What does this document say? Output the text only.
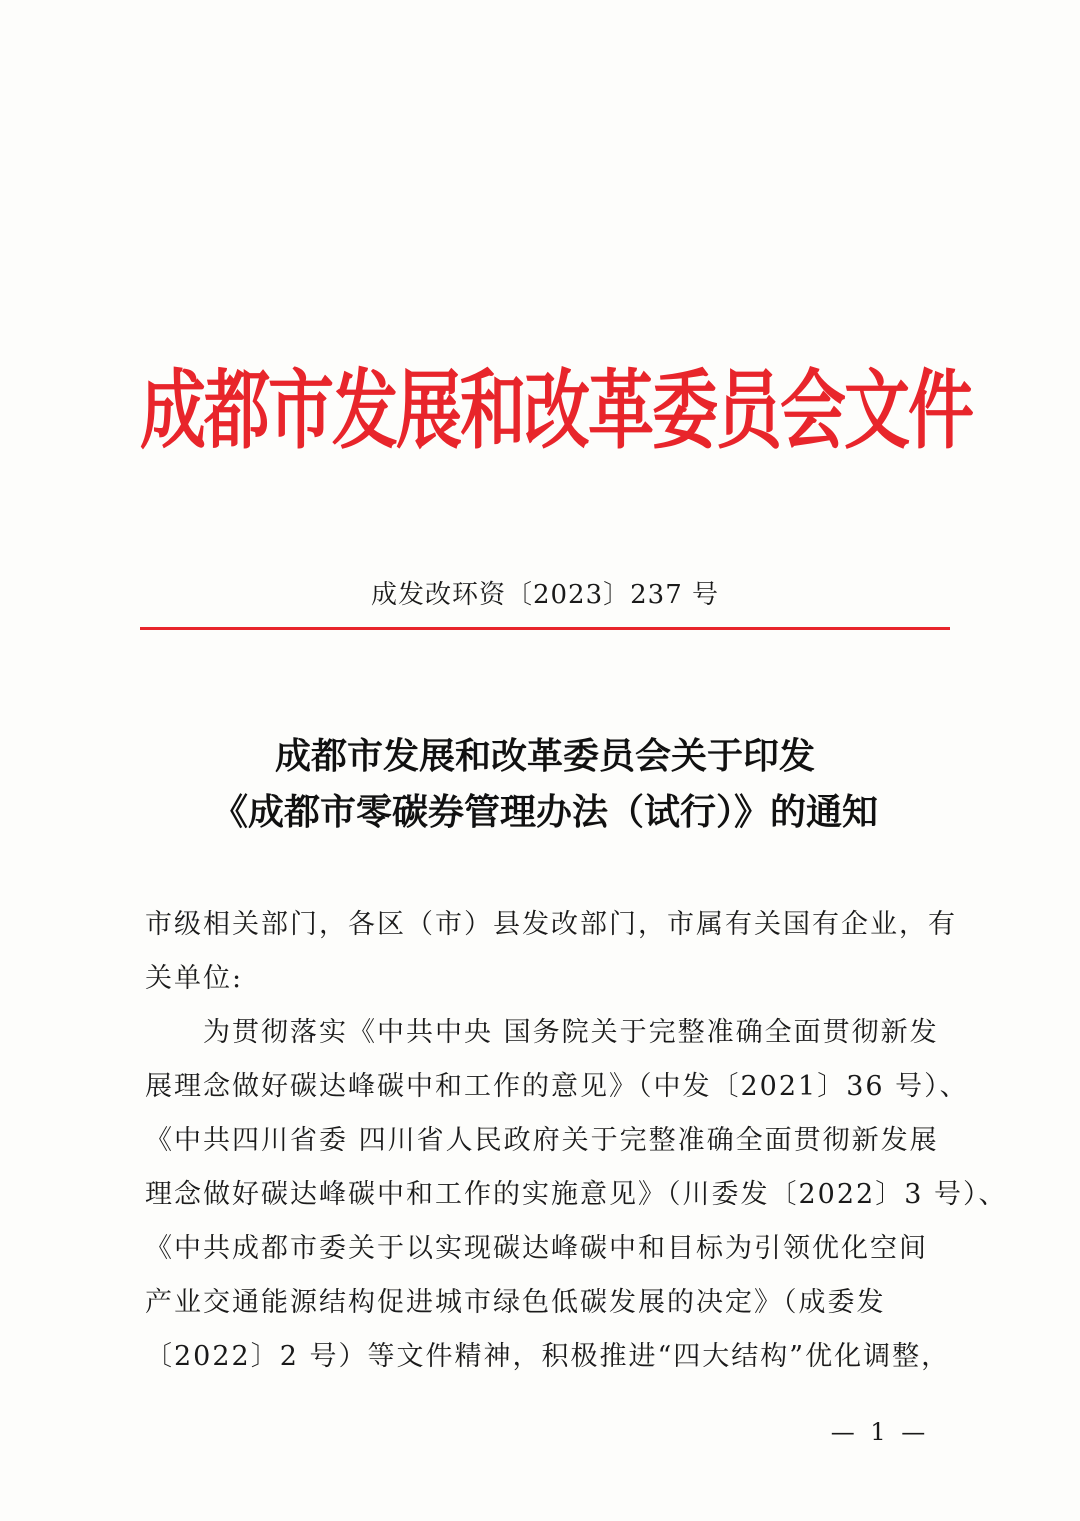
成都市发展和改革委员会文件
成发改环资〔2023〕237 号
成都市发展和改革委员会关于印发
《成都市零碳券管理办法（试行）》的通知
市级相关部门，各区（市）县发改部门，市属有关国有企业，有
关单位:
为贯彻落实《中共中央 国务院关于完整准确全面贯彻新发
展理念做好碳达峰碳中和工作的意见》（中发〔2021〕36 号）、
《中共四川省委 四川省人民政府关于完整准确全面贯彻新发展
理念做好碳达峰碳中和工作的实施意见》（川委发〔2022〕3 号）、
《中共成都市委关于以实现碳达峰碳中和目标为引领优化空间
产业交通能源结构促进城市绿色低碳发展的决定》（成委发
〔2022〕2 号）等文件精神，积极推进“四大结构”优化调整，
— 1 —
